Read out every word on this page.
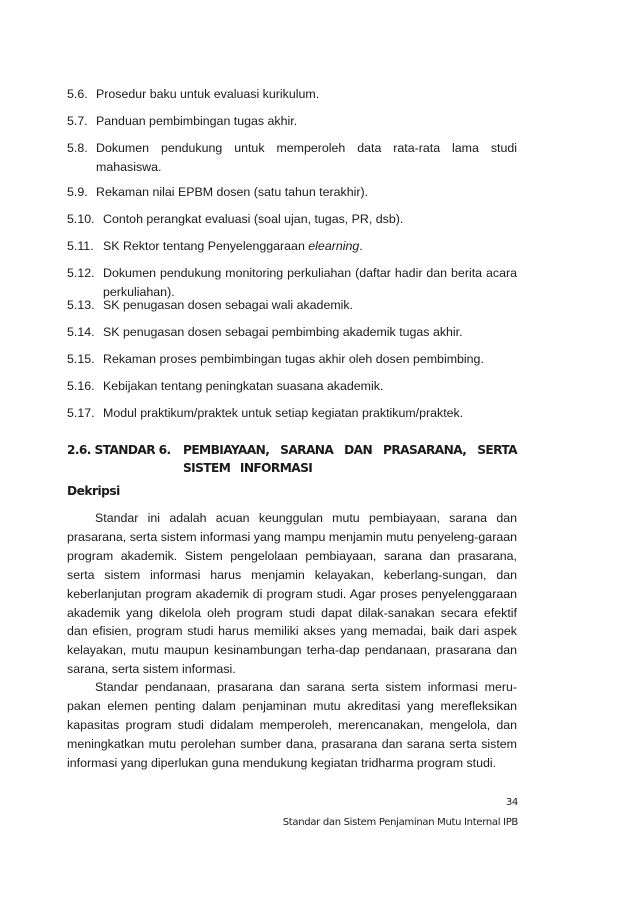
5.6. Prosedur baku untuk evaluasi kurikulum.
5.7. Panduan pembimbingan tugas akhir.
5.8. Dokumen pendukung untuk memperoleh data rata-rata lama studi mahasiswa.
5.9. Rekaman nilai EPBM dosen (satu tahun terakhir).
5.10. Contoh perangkat evaluasi (soal ujan, tugas, PR, dsb).
5.11. SK Rektor tentang Penyelenggaraan elearning.
5.12. Dokumen pendukung monitoring perkuliahan (daftar hadir dan berita acara perkuliahan).
5.13. SK penugasan dosen sebagai wali akademik.
5.14. SK penugasan dosen sebagai pembimbing akademik tugas akhir.
5.15. Rekaman proses pembimbingan tugas akhir oleh dosen pembimbing.
5.16. Kebijakan tentang peningkatan suasana akademik.
5.17. Modul praktikum/praktek untuk setiap kegiatan praktikum/praktek.
2.6. STANDAR 6.	PEMBIAYAAN, SARANA DAN PRASARANA, SERTA SISTEM INFORMASI
Dekripsi

Standar ini adalah acuan keunggulan mutu pembiayaan, sarana dan prasarana, serta sistem informasi yang mampu menjamin mutu penyeleng-garaan program akademik. Sistem pengelolaan pembiayaan, sarana dan prasarana, serta sistem informasi harus menjamin kelayakan, keberlang-sungan, dan keberlanjutan program akademik di program studi. Agar proses penyelenggaraan akademik yang dikelola oleh program studi dapat dilak-sanakan secara efektif dan efisien, program studi harus memiliki akses yang memadai, baik dari aspek kelayakan, mutu maupun kesinambungan terha-dap pendanaan, prasarana dan sarana, serta sistem informasi.

Standar pendanaan, prasarana dan sarana serta sistem informasi meru-pakan elemen penting dalam penjaminan mutu akreditasi yang merefleksikan kapasitas program studi didalam memperoleh, merencanakan, mengelola, dan meningkatkan mutu perolehan sumber dana, prasarana dan sarana serta sistem informasi yang diperlukan guna mendukung kegiatan tridharma program studi.

34
Standar dan Sistem Penjaminan Mutu Internal IPB
